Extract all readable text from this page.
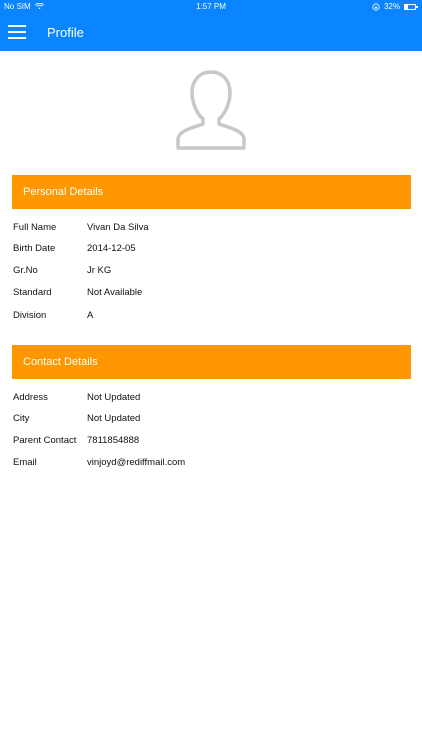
No SIM	1:57 PM	32%
Profile
Personal Details
Full Name	Vivan Da Silva
Birth Date	2014-12-05
Gr.No	Jr KG
Standard	Not Available
Division	A
Contact Details
Address	Not Updated
City	Not Updated
Parent Contact 7811854888
Email	vinjoyd@rediffmail.com
